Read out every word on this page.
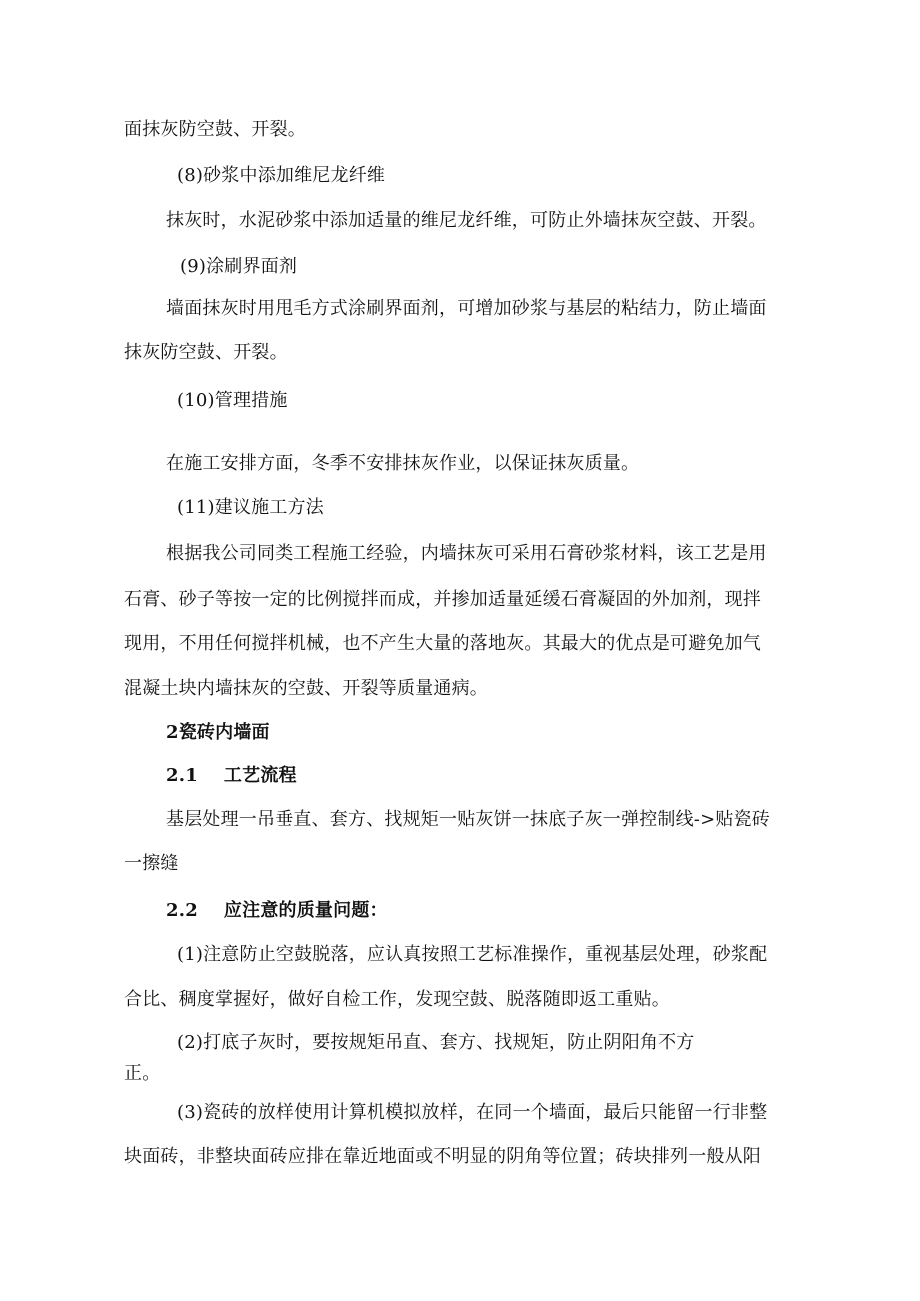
面抹灰防空鼓、开裂。
(8)砂浆中添加维尼龙纤维
抹灰时，水泥砂浆中添加适量的维尼龙纤维，可防止外墙抹灰空鼓、开裂。
(9)涂刷界面剂
墙面抹灰时用甩毛方式涂刷界面剂，可增加砂浆与基层的粘结力，防止墙面
抹灰防空鼓、开裂。
(10)管理措施
在施工安排方面，冬季不安排抹灰作业，以保证抹灰质量。
(11)建议施工方法
根据我公司同类工程施工经验，内墙抹灰可采用石膏砂浆材料，该工艺是用
石膏、砂子等按一定的比例搅拌而成，并掺加适量延缓石膏凝固的外加剂，现拌
现用，不用任何搅拌机械，也不产生大量的落地灰。其最大的优点是可避免加气
混凝土块内墙抹灰的空鼓、开裂等质量通病。
2瓷砖内墙面
2.1 工艺流程
基层处理一吊垂直、套方、找规矩一贴灰饼一抹底子灰一弹控制线->贴瓷砖
一擦缝
2.2 应注意的质量问题：
(1)注意防止空鼓脱落，应认真按照工艺标准操作，重视基层处理，砂浆配
合比、稠度掌握好，做好自检工作，发现空鼓、脱落随即返工重贴。
(2)打底子灰时，要按规矩吊直、套方、找规矩，防止阴阳角不方
正。
(3)瓷砖的放样使用计算机模拟放样，在同一个墙面，最后只能留一行非整
块面砖，非整块面砖应排在靠近地面或不明显的阴角等位置；砖块排列一般从阳
